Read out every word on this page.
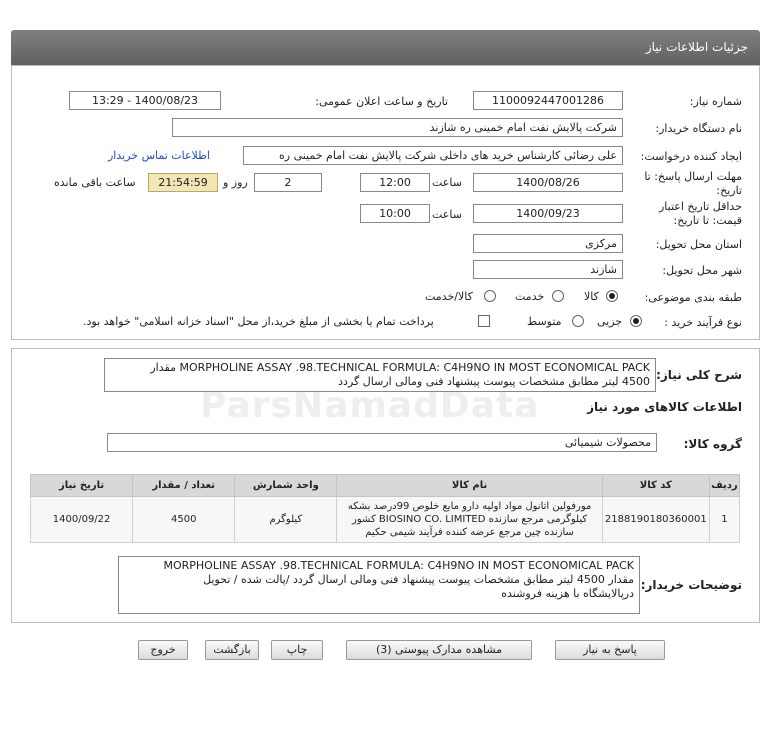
جزئیات اطلاعات نیاز
شماره نیاز:
1100092447001286
تاریخ و ساعت اعلان عمومی:
1400/08/23 - 13:29
نام دستگاه خریدار:
شرکت پالایش نفت امام خمینی ره شازند
ایجاد کننده درخواست:
علی رضائی کارشناس خرید های داخلی شرکت پالایش نفت امام خمینی ره
اطلاعات تماس خریدار
مهلت ارسال پاسخ: تا
تاریخ:
1400/08/26
ساعت
12:00
2
روز و
21:54:59
ساعت باقی مانده
حداقل تاریخ اعتبار
قیمت: تا تاریخ:
1400/09/23
ساعت
10:00
استان محل تحویل:
مرکزی
شهر محل تحویل:
شازند
طبقه بندی موضوعی:
کالا
خدمت
کالا/خدمت
نوع فرآیند خرید :
جزیی
متوسط
پرداخت تمام یا بخشی از مبلغ خرید،از محل "اسناد خزانه اسلامی" خواهد بود.
شرح کلی نیاز:
MORPHOLINE ASSAY .98.TECHNICAL FORMULA: C4H9NO IN MOST ECONOMICAL PACK مقدار
4500 لیتر مطابق مشخصات پیوست پیشنهاد فنی ومالی ارسال گردد
اطلاعات کالاهای مورد نیاز
گروه کالا:
محصولات شیمیائی
ردیف	کد کالا	نام کالا	واحد شمارش	تعداد / مقدار	تاریخ نیاز
1	2188190180360001	مورفولین اتانول مواد اولیه دارو مایع خلوص 99درصد بشکه
کیلوگرمی مرجع سازنده BIOSINO CO. LIMITED کشور
سازنده چین مرجع عرضه کننده فرآیند شیمی حکیم	کیلوگرم	4500	1400/09/22
توضیحات خریدار:
MORPHOLINE ASSAY .98.TECHNICAL FORMULA: C4H9NO IN MOST ECONOMICAL PACK
مقدار 4500 لیتر مطابق مشخصات پیوست پیشنهاد فنی ومالی ارسال گردد /پالت شده / تحویل
درپالایشگاه با هزینه فروشنده
پاسخ به نیاز
مشاهده مدارک پیوستی (3)
چاپ
بازگشت
خروج
